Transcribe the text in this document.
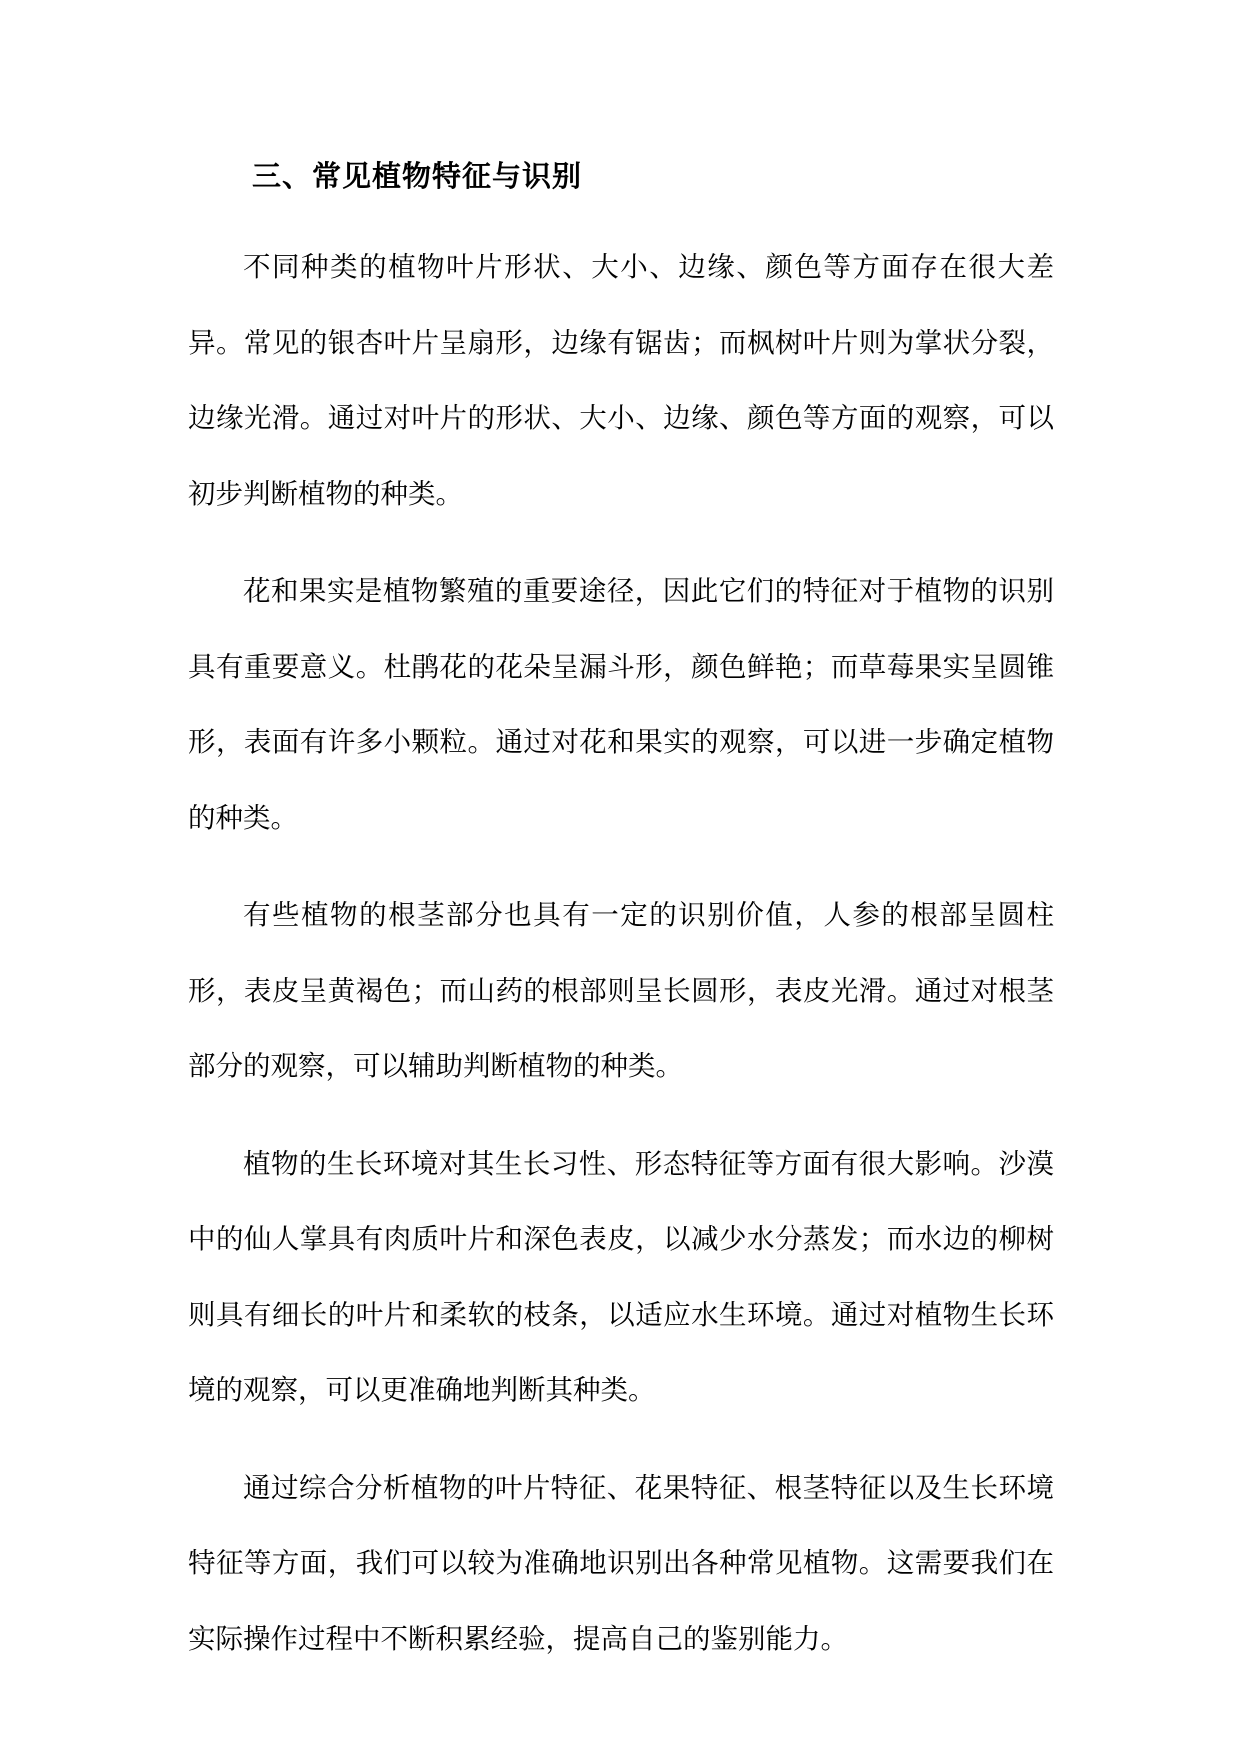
三、常见植物特征与识别

不同种类的植物叶片形状、大小、边缘、颜色等方面存在很大差异。常见的银杏叶片呈扇形，边缘有锯齿；而枫树叶片则为掌状分裂，边缘光滑。通过对叶片的形状、大小、边缘、颜色等方面的观察，可以初步判断植物的种类。

花和果实是植物繁殖的重要途径，因此它们的特征对于植物的识别具有重要意义。杜鹃花的花朵呈漏斗形，颜色鲜艳；而草莓果实呈圆锥形，表面有许多小颗粒。通过对花和果实的观察，可以进一步确定植物的种类。

有些植物的根茎部分也具有一定的识别价值，人参的根部呈圆柱形，表皮呈黄褐色；而山药的根部则呈长圆形，表皮光滑。通过对根茎部分的观察，可以辅助判断植物的种类。

植物的生长环境对其生长习性、形态特征等方面有很大影响。沙漠中的仙人掌具有肉质叶片和深色表皮，以减少水分蒸发；而水边的柳树则具有细长的叶片和柔软的枝条，以适应水生环境。通过对植物生长环境的观察，可以更准确地判断其种类。

通过综合分析植物的叶片特征、花果特征、根茎特征以及生长环境特征等方面，我们可以较为准确地识别出各种常见植物。这需要我们在实际操作过程中不断积累经验，提高自己的鉴别能力。
